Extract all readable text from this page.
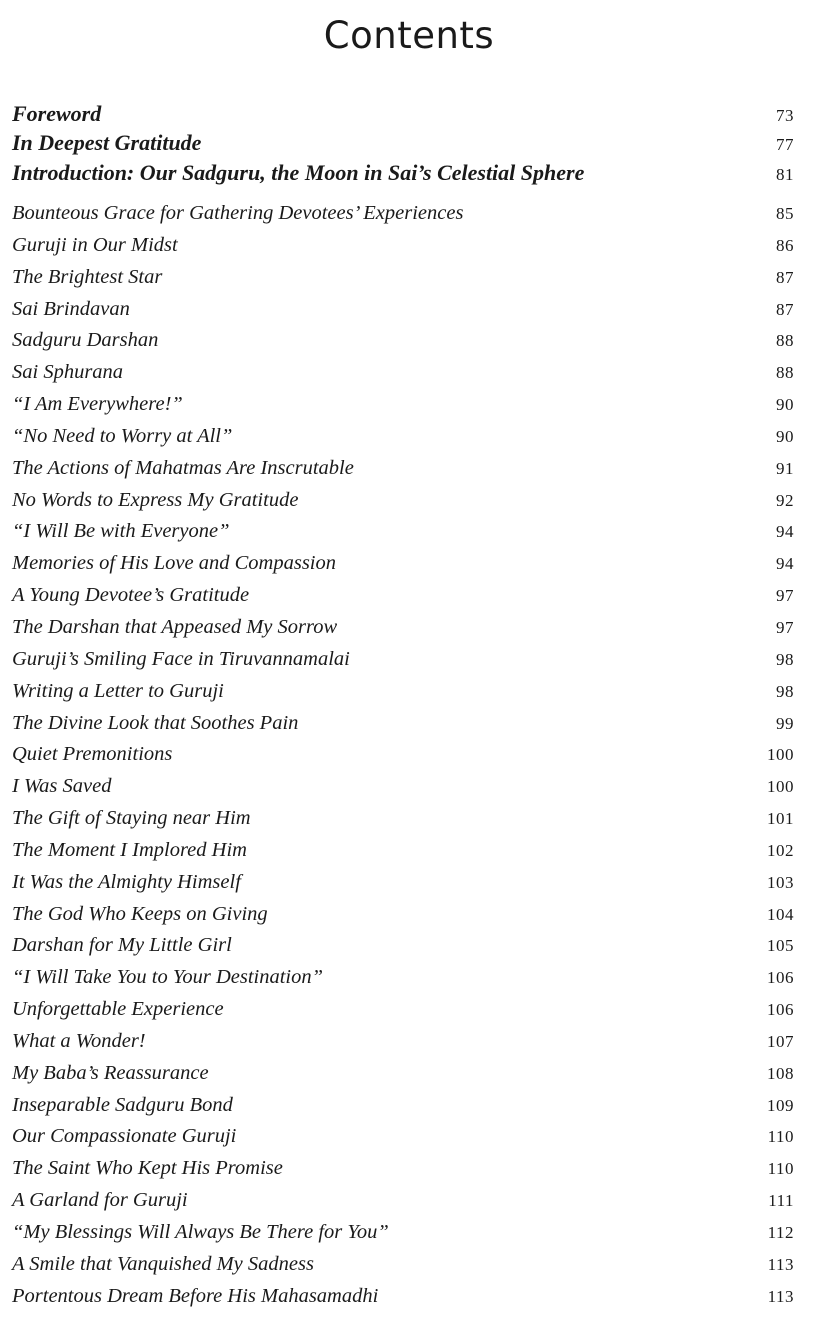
Contents
Foreword	73
In Deepest Gratitude	77
Introduction: Our Sadguru, the Moon in Sai’s Celestial Sphere	81
Bounteous Grace for Gathering Devotees’ Experiences	85
Guruji in Our Midst	86
The Brightest Star	87
Sai Brindavan	87
Sadguru Darshan	88
Sai Sphurana	88
“I Am Everywhere!”	90
“No Need to Worry at All”	90
The Actions of Mahatmas Are Inscrutable	91
No Words to Express My Gratitude	92
“I Will Be with Everyone”	94
Memories of His Love and Compassion	94
A Young Devotee’s Gratitude	97
The Darshan that Appeased My Sorrow	97
Guruji’s Smiling Face in Tiruvannamalai	98
Writing a Letter to Guruji	98
The Divine Look that Soothes Pain	99
Quiet Premonitions	100
I Was Saved	100
The Gift of Staying near Him	101
The Moment I Implored Him	102
It Was the Almighty Himself	103
The God Who Keeps on Giving	104
Darshan for My Little Girl	105
“I Will Take You to Your Destination”	106
Unforgettable Experience	106
What a Wonder!	107
My Baba’s Reassurance	108
Inseparable Sadguru Bond	109
Our Compassionate Guruji	110
The Saint Who Kept His Promise	110
A Garland for Guruji	111
“My Blessings Will Always Be There for You”	112
A Smile that Vanquished My Sadness	113
Portentous Dream Before His Mahasamadhi	113
